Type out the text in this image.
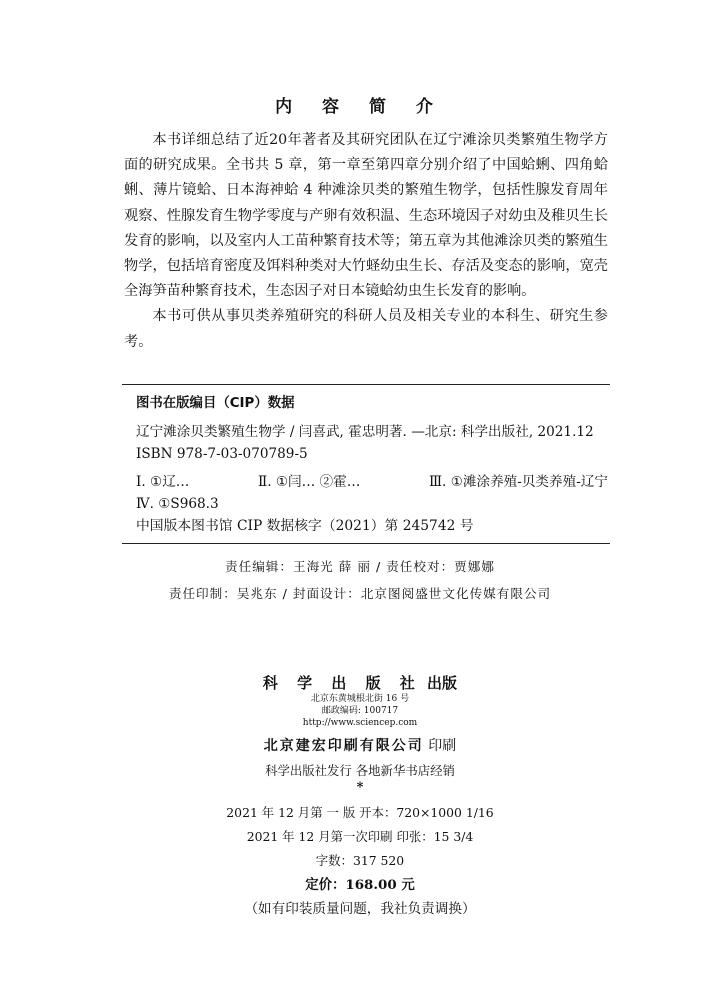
内 容 简 介

本书详细总结了近20年著者及其研究团队在辽宁滩涂贝类繁殖生物学方面的研究成果。全书共 5 章，第一章至第四章分别介绍了中国蛤蜊、四角蛤蜊、薄片镜蛤、日本海神蛤 4 种滩涂贝类的繁殖生物学，包括性腺发育周年观察、性腺发育生物学零度与产卵有效积温、生态环境因子对幼虫及稚贝生长发育的影响，以及室内人工苗种繁育技术等；第五章为其他滩涂贝类的繁殖生物学，包括培育密度及饵料种类对大竹蛏幼虫生长、存活及变态的影响，宽壳全海笋苗种繁育技术，生态因子对日本镜蛤幼虫生长发育的影响。

本书可供从事贝类养殖研究的科研人员及相关专业的本科生、研究生参考。

图书在版编目（CIP）数据
辽宁滩涂贝类繁殖生物学 / 闫喜武, 霍忠明著. —北京: 科学出版社, 2021.12
ISBN 978-7-03-070789-5
Ⅰ. ①辽…	Ⅱ. ①闫… ②霍…	Ⅲ. ①滩涂养殖-贝类养殖-辽宁
Ⅳ. ①S968.3
中国版本图书馆 CIP 数据核字（2021）第 245742 号
责任编辑：王海光 薛 丽 / 责任校对：贾娜娜
责任印制：吴兆东 / 封面设计：北京图阅盛世文化传媒有限公司
科 学 出 版 社 出版
北京东黄城根北街 16 号
邮政编码: 100717
http://www.sciencep.com
北京建宏印刷有限公司 印刷
科学出版社发行 各地新华书店经销
*
2021 年 12 月第 一 版 开本：720×1000 1/16
2021 年 12 月第一次印刷 印张：15 3/4
字数：317 520
定价：168.00 元
（如有印装质量问题，我社负责调换）
